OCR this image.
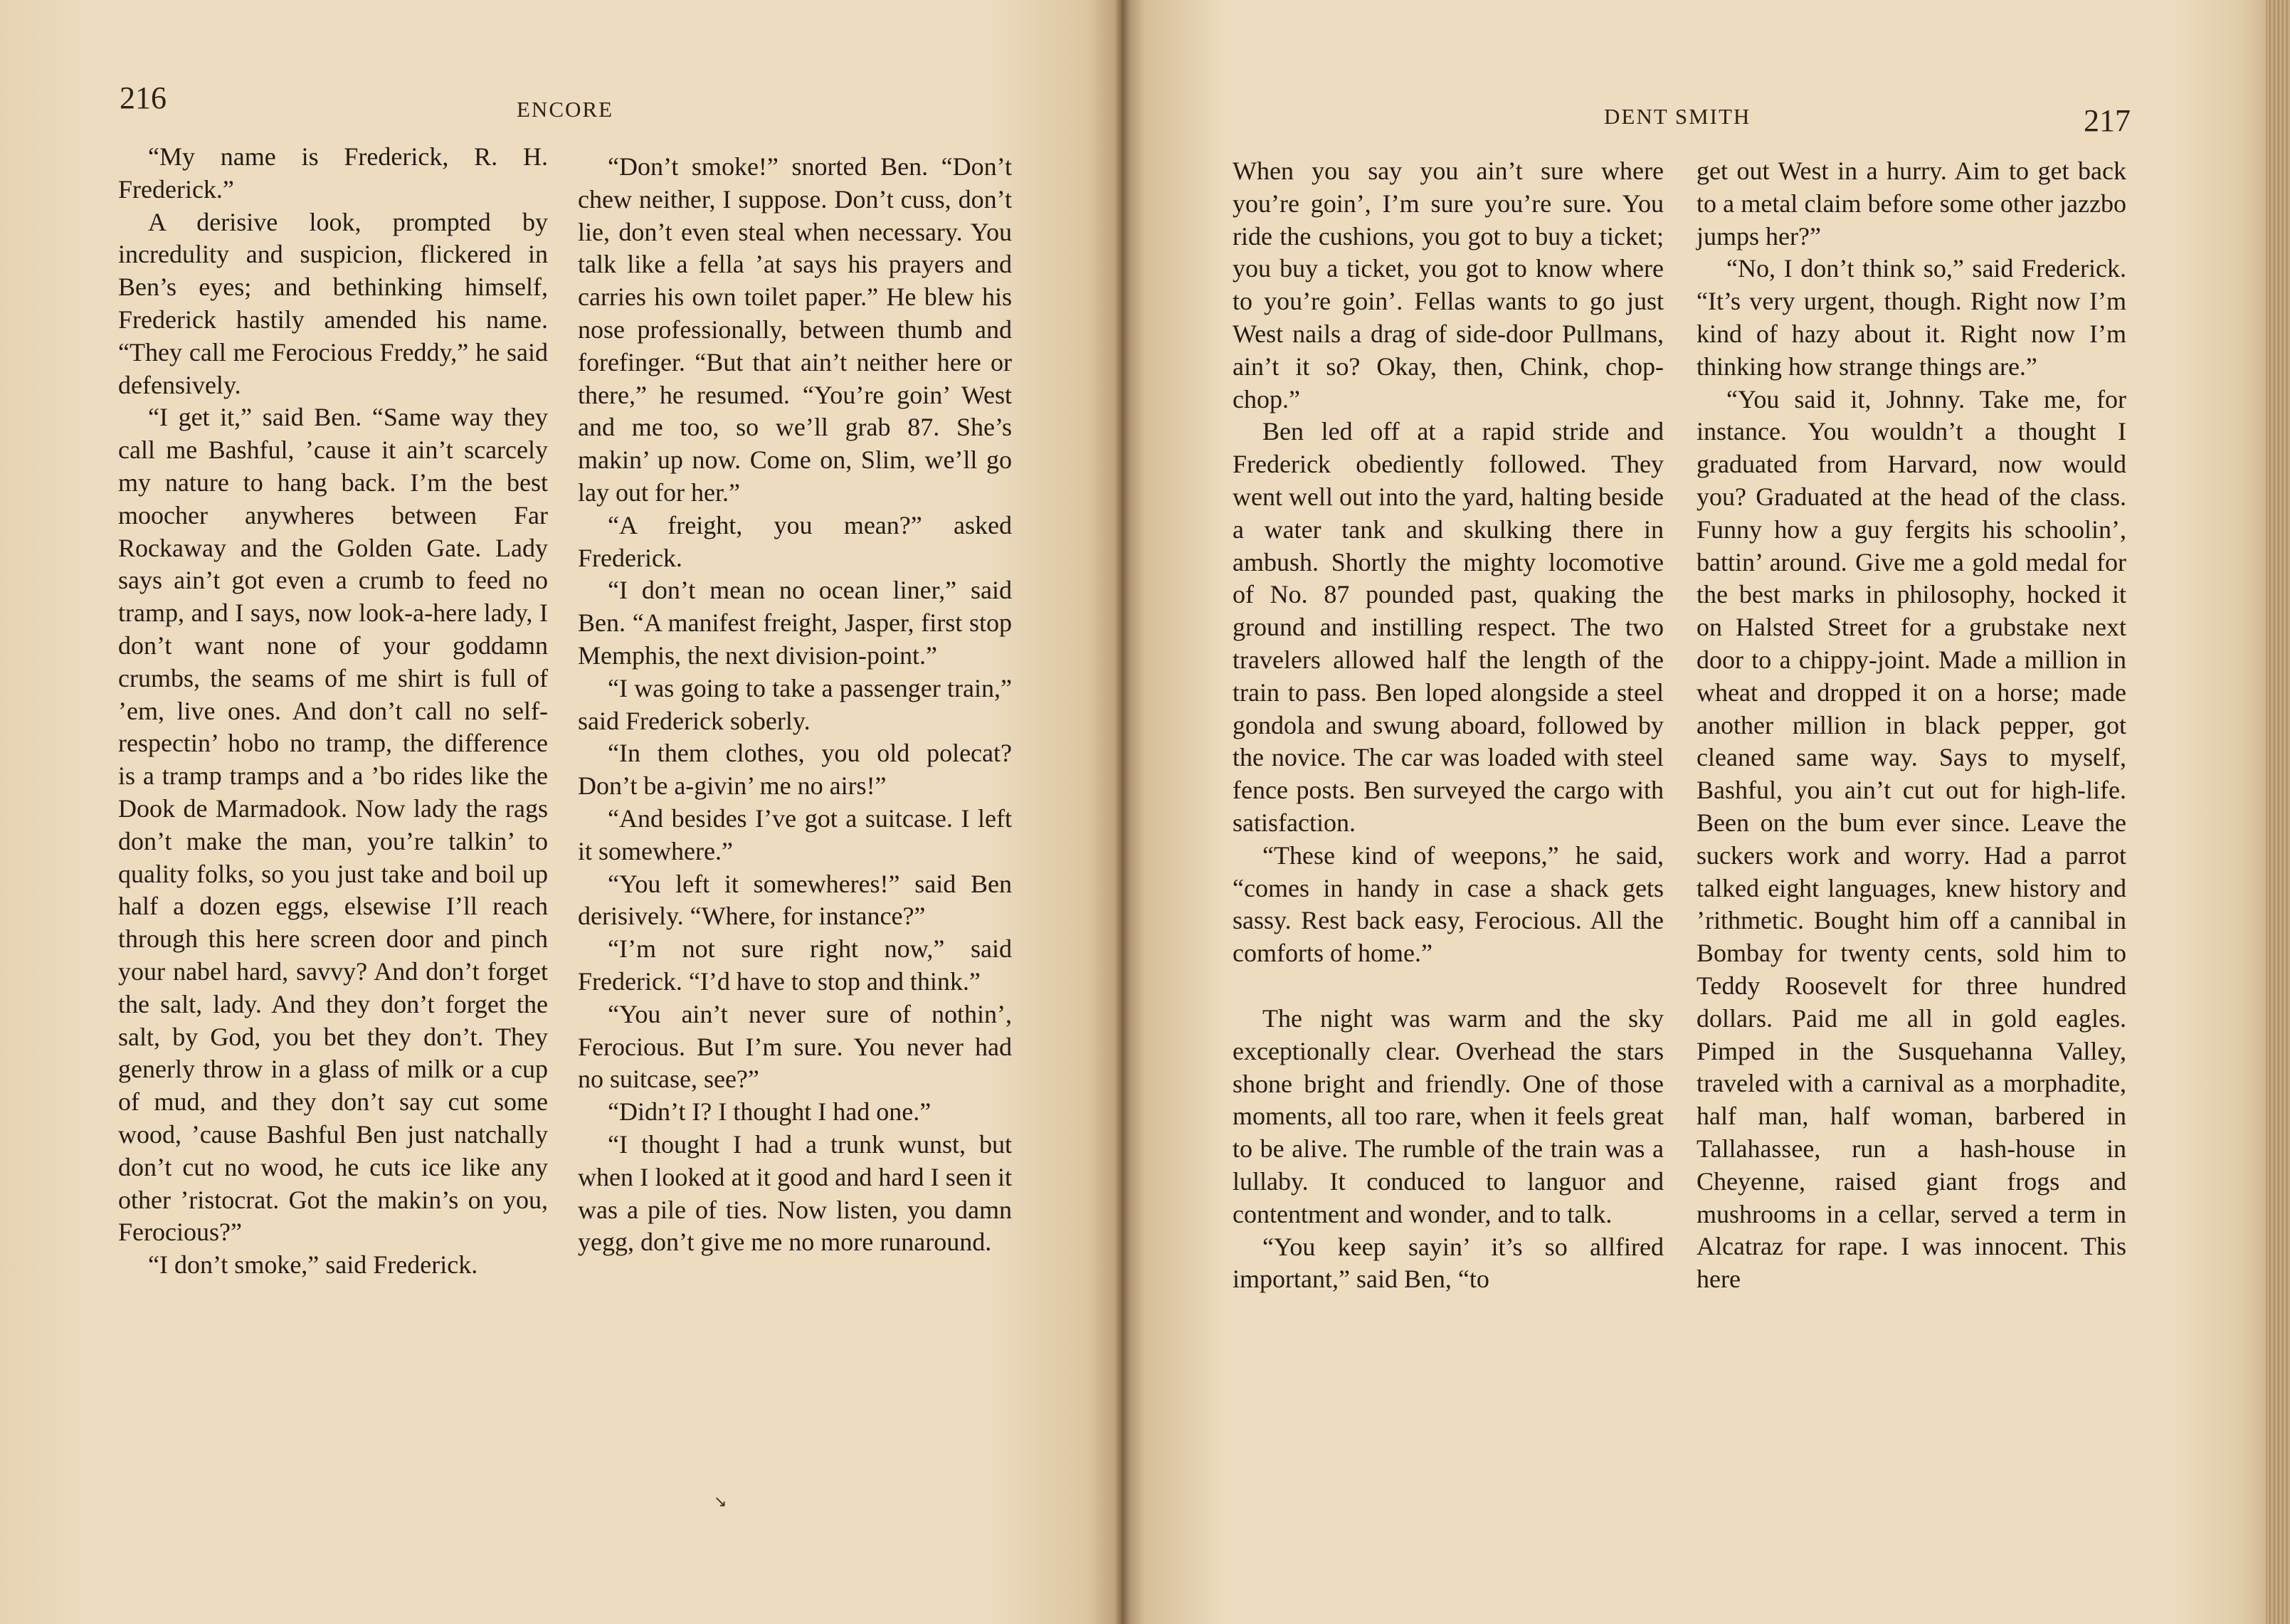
216	ENCORE

“My name is Frederick, R. H. Frederick.”

A derisive look, prompted by incredulity and suspicion, flickered in Ben’s eyes; and bethinking himself, Frederick hastily amended his name. “They call me Ferocious Freddy,” he said defensively.

“I get it,” said Ben. “Same way they call me Bashful, ’cause it ain’t scarcely my nature to hang back. I’m the best moocher anywheres between Far Rockaway and the Golden Gate. Lady says ain’t got even a crumb to feed no tramp, and I says, now look-a-here lady, I don’t want none of your goddamn crumbs, the seams of me shirt is full of ’em, live ones. And don’t call no self-respectin’ hobo no tramp, the difference is a tramp tramps and a ’bo rides like the Dook de Marmadook. Now lady the rags don’t make the man, you’re talkin’ to quality folks, so you just take and boil up half a dozen eggs, elsewise I’ll reach through this here screen door and pinch your nabel hard, savvy? And don’t forget the salt, lady. And they don’t forget the salt, by God, you bet they don’t. They generly throw in a glass of milk or a cup of mud, and they don’t say cut some wood, ’cause Bashful Ben just natchally don’t cut no wood, he cuts ice like any other ’ristocrat. Got the makin’s on you, Ferocious?”

“I don’t smoke,” said Frederick.

“Don’t smoke!” snorted Ben. “Don’t chew neither, I suppose. Don’t cuss, don’t lie, don’t even steal when necessary. You talk like a fella ’at says his prayers and carries his own toilet paper.” He blew his nose professionally, between thumb and forefinger. “But that ain’t neither here or there,” he resumed. “You’re goin’ West and me too, so we’ll grab 87. She’s makin’ up now. Come on, Slim, we’ll go lay out for her.”

“A freight, you mean?” asked Frederick.

“I don’t mean no ocean liner,” said Ben. “A manifest freight, Jasper, first stop Memphis, the next division-point.”

“I was going to take a passenger train,” said Frederick soberly.

“In them clothes, you old polecat? Don’t be a-givin’ me no airs!”

“And besides I’ve got a suitcase. I left it somewhere.”

“You left it somewheres!” said Ben derisively. “Where, for instance?”

“I’m not sure right now,” said Frederick. “I’d have to stop and think.”

“You ain’t never sure of nothin’, Ferocious. But I’m sure. You never had no suitcase, see?”

“Didn’t I? I thought I had one.”

“I thought I had a trunk wunst, but when I looked at it good and hard I seen it was a pile of ties. Now listen, you damn yegg, don’t give me no more runaround.

↘
DENT SMITH	217

When you say you ain’t sure where you’re goin’, I’m sure you’re sure. You ride the cushions, you got to buy a ticket; you buy a ticket, you got to know where to you’re goin’. Fellas wants to go just West nails a drag of side-door Pullmans, ain’t it so? Okay, then, Chink, chop-chop.”

Ben led off at a rapid stride and Frederick obediently followed. They went well out into the yard, halting beside a water tank and skulking there in ambush. Shortly the mighty locomotive of No. 87 pounded past, quaking the ground and instilling respect. The two travelers allowed half the length of the train to pass. Ben loped alongside a steel gondola and swung aboard, followed by the novice. The car was loaded with steel fence posts. Ben surveyed the cargo with satisfaction.

“These kind of weepons,” he said, “comes in handy in case a shack gets sassy. Rest back easy, Ferocious. All the comforts of home.”

The night was warm and the sky exceptionally clear. Overhead the stars shone bright and friendly. One of those moments, all too rare, when it feels great to be alive. The rumble of the train was a lullaby. It conduced to languor and contentment and wonder, and to talk.

“You keep sayin’ it’s so allfired important,” said Ben, “to

get out West in a hurry. Aim to get back to a metal claim before some other jazzbo jumps her?”

“No, I don’t think so,” said Frederick. “It’s very urgent, though. Right now I’m kind of hazy about it. Right now I’m thinking how strange things are.”

“You said it, Johnny. Take me, for instance. You wouldn’t a thought I graduated from Harvard, now would you? Graduated at the head of the class. Funny how a guy fergits his schoolin’, battin’ around. Give me a gold medal for the best marks in philosophy, hocked it on Halsted Street for a grubstake next door to a chippy-joint. Made a million in wheat and dropped it on a horse; made another million in black pepper, got cleaned same way. Says to myself, Bashful, you ain’t cut out for high-life. Been on the bum ever since. Leave the suckers work and worry. Had a parrot talked eight languages, knew history and ’rithmetic. Bought him off a cannibal in Bombay for twenty cents, sold him to Teddy Roosevelt for three hundred dollars. Paid me all in gold eagles. Pimped in the Susquehanna Valley, traveled with a carnival as a morphadite, half man, half woman, barbered in Tallahassee, run a hash-house in Cheyenne, raised giant frogs and mushrooms in a cellar, served a term in Alcatraz for rape. I was innocent. This here
